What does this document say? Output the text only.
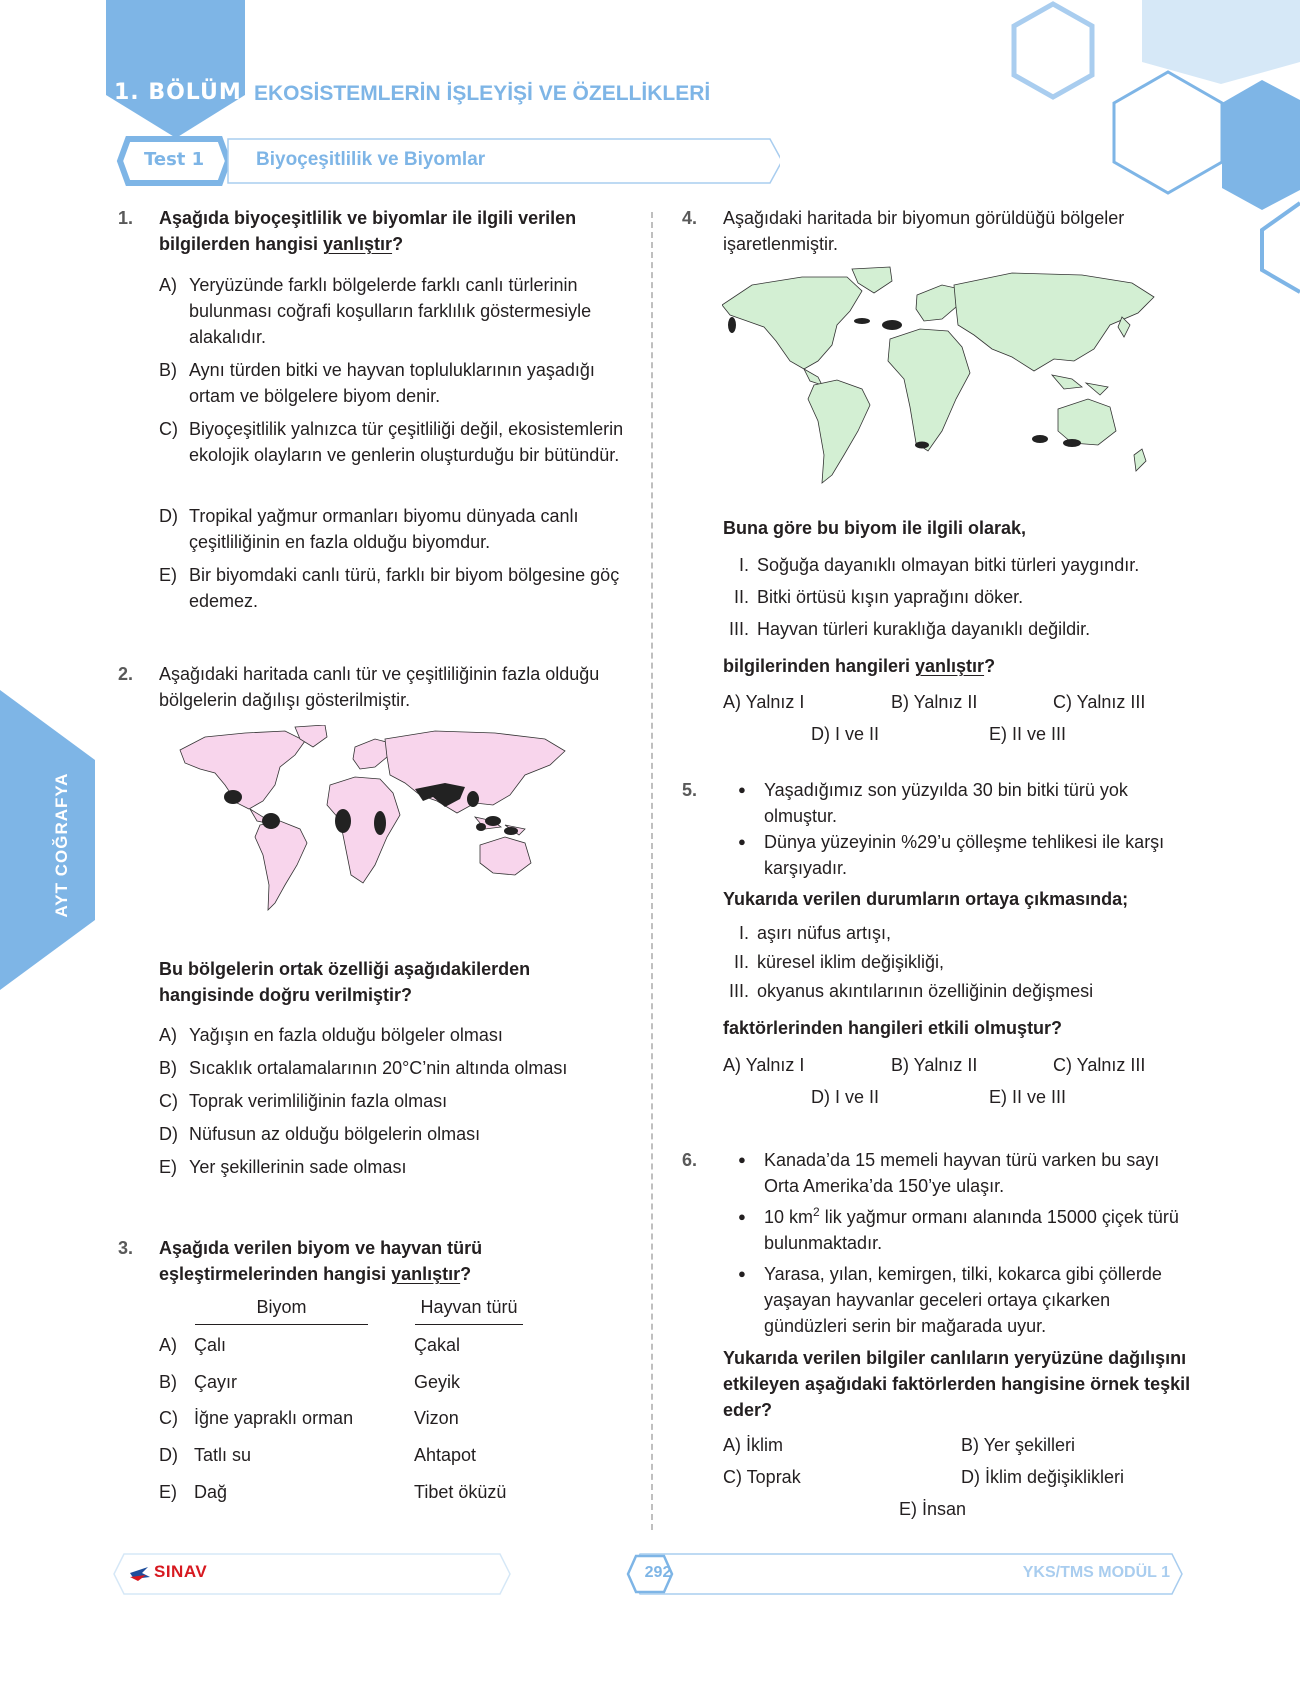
1. BÖLÜM EKOSİSTEMLERİN İŞLEYİŞİ VE ÖZELLİKLERİ
Test 1	Biyoçeşitlilik ve Biyomlar
AYT COĞRAFYA
1. Aşağıda biyoçeşitlilik ve biyomlar ile ilgili verilen bilgilerden hangisi yanlıştır?
A) Yeryüzünde farklı bölgelerde farklı canlı türlerinin bulunması coğrafi koşulların farklılık göstermesiyle alakalıdır.
B) Aynı türden bitki ve hayvan topluluklarının yaşadığı ortam ve bölgelere biyom denir.
C) Biyoçeşitlilik yalnızca tür çeşitliliği değil, ekosistemlerin ekolojik olayların ve genlerin oluşturduğu bir bütündür.
D) Tropikal yağmur ormanları biyomu dünyada canlı çeşitliliğinin en fazla olduğu biyomdur.
E) Bir biyomdaki canlı türü, farklı bir biyom bölgesine göç edemez.
2. Aşağıdaki haritada canlı tür ve çeşitliliğinin fazla olduğu bölgelerin dağılışı gösterilmiştir.
Bu bölgelerin ortak özelliği aşağıdakilerden hangisinde doğru verilmiştir?
A) Yağışın en fazla olduğu bölgeler olması
B) Sıcaklık ortalamalarının 20°C’nin altında olması
C) Toprak verimliliğinin fazla olması
D) Nüfusun az olduğu bölgelerin olması
E) Yer şekillerinin sade olması
3. Aşağıda verilen biyom ve hayvan türü eşleştirmelerinden hangisi yanlıştır?
Biyom	Hayvan türü
A) Çalı	Çakal
B) Çayır	Geyik
C) İğne yapraklı orman	Vizon
D) Tatlı su	Ahtapot
E) Dağ	Tibet öküzü
4. Aşağıdaki haritada bir biyomun görüldüğü bölgeler işaretlenmiştir.
Buna göre bu biyom ile ilgili olarak,
I. Soğuğa dayanıklı olmayan bitki türleri yaygındır.
II. Bitki örtüsü kışın yaprağını döker.
III. Hayvan türleri kuraklığa dayanıklı değildir.
bilgilerinden hangileri yanlıştır?
A) Yalnız I	B) Yalnız II	C) Yalnız III
D) I ve II	E) II ve III
5.	● Yaşadığımız son yüzyılda 30 bin bitki türü yok olmuştur.
● Dünya yüzeyinin %29’u çölleşme tehlikesi ile karşı karşıyadır.
Yukarıda verilen durumların ortaya çıkmasında;
I. aşırı nüfus artışı,
II. küresel iklim değişikliği,
III. okyanus akıntılarının özelliğinin değişmesi
faktörlerinden hangileri etkili olmuştur?
A) Yalnız I	B) Yalnız II	C) Yalnız III
D) I ve II	E) II ve III
6.	● Kanada’da 15 memeli hayvan türü varken bu sayı Orta Amerika’da 150’ye ulaşır.
● 10 $km^2$ lik yağmur ormanı alanında 15000 çiçek türü bulunmaktadır.
● Yarasa, yılan, kemirgen, tilki, kokarca gibi çöllerde yaşayan hayvanlar geceleri ortaya çıkarken gündüzleri serin bir mağarada uyur.
Yukarıda verilen bilgiler canlıların yeryüzüne dağılışını etkileyen aşağıdaki faktörlerden hangisine örnek teşkil eder?
A) İklim	B) Yer şekilleri
C) Toprak	D) İklim değişiklikleri
E) İnsan
SINAV	292	YKS/TMS MODÜL 1
